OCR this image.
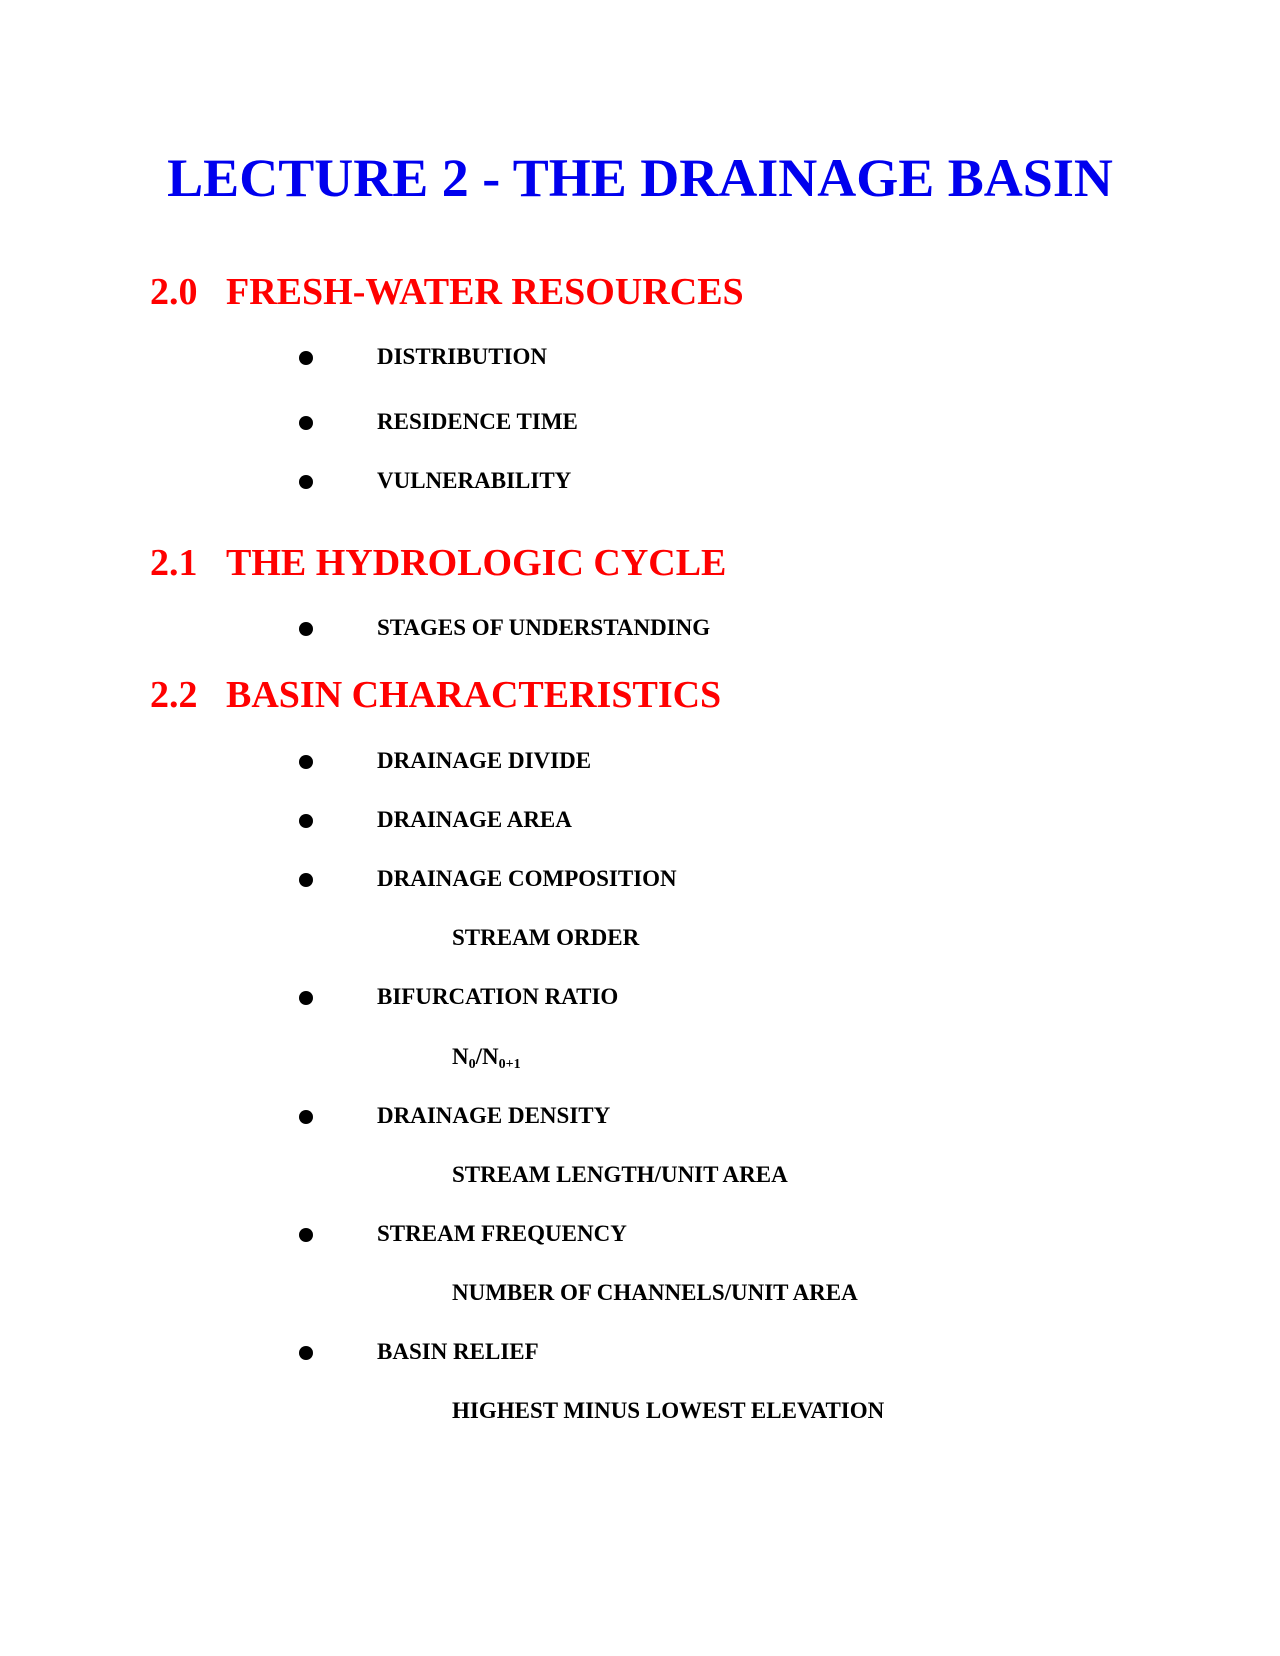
LECTURE 2 - THE DRAINAGE BASIN
2.0 FRESH-WATER RESOURCES
DISTRIBUTION
RESIDENCE TIME
VULNERABILITY
2.1 THE HYDROLOGIC CYCLE
STAGES OF UNDERSTANDING
2.2 BASIN CHARACTERISTICS
DRAINAGE DIVIDE
DRAINAGE AREA
DRAINAGE COMPOSITION
STREAM ORDER
BIFURCATION RATIO
$N_0/N_{0+1}$
DRAINAGE DENSITY
STREAM LENGTH/UNIT AREA
STREAM FREQUENCY
NUMBER OF CHANNELS/UNIT AREA
BASIN RELIEF
HIGHEST MINUS LOWEST ELEVATION
